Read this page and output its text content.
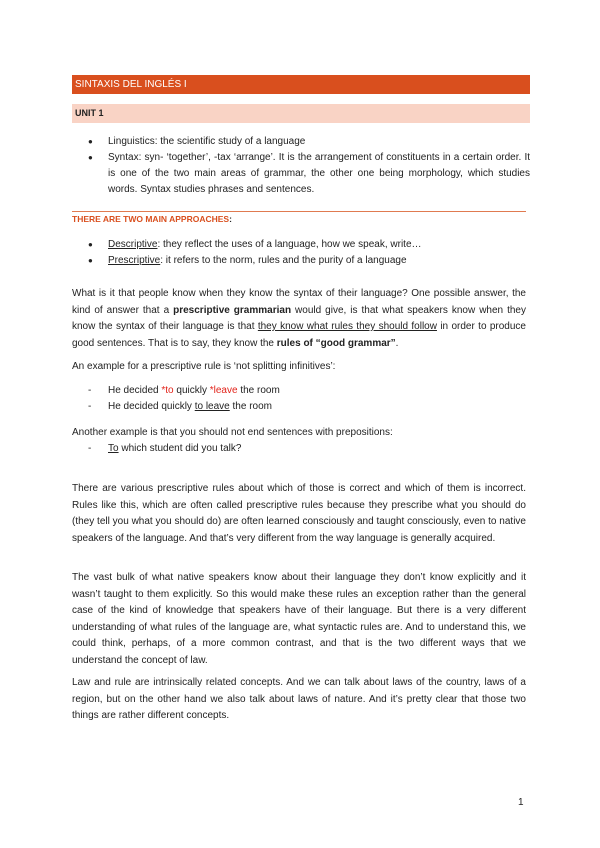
SINTAXIS DEL INGLÉS I
UNIT 1
● Linguistics: the scientific study of a language
● Syntax: syn- ‘together’, -tax ‘arrange’. It is the arrangement of constituents in a certain order. It is one of the two main areas of grammar, the other one being morphology, which studies words. Syntax studies phrases and sentences.
THERE ARE TWO MAIN APPROACHES:
● Descriptive: they reflect the uses of a language, how we speak, write…
● Prescriptive: it refers to the norm, rules and the purity of a language

What is it that people know when they know the syntax of their language? One possible answer, the kind of answer that a prescriptive grammarian would give, is that what speakers know when they know the syntax of their language is that they know what rules they should follow in order to produce good sentences. That is to say, they know the rules of “good grammar”.

An example for a prescriptive rule is ‘not splitting infinitives’:

- He decided *to quickly *leave the room
- He decided quickly to leave the room

Another example is that you should not end sentences with prepositions:

- To which student did you talk?

There are various prescriptive rules about which of those is correct and which of them is incorrect. Rules like this, which are often called prescriptive rules because they prescribe what you should do (they tell you what you should do) are often learned consciously and taught consciously, even to native speakers of the language. And that’s very different from the way language is generally acquired.

The vast bulk of what native speakers know about their language they don’t know explicitly and it wasn’t taught to them explicitly. So this would make these rules an exception rather than the general case of the kind of knowledge that speakers have of their language. But there is a very different understanding of what rules of the language are, what syntactic rules are. And to understand this, we could think, perhaps, of a more common contrast, and that is the two different ways that we understand the concept of law.

Law and rule are intrinsically related concepts. And we can talk about laws of the country, laws of a region, but on the other hand we also talk about laws of nature. And it’s pretty clear that those two things are rather different concepts.

1
